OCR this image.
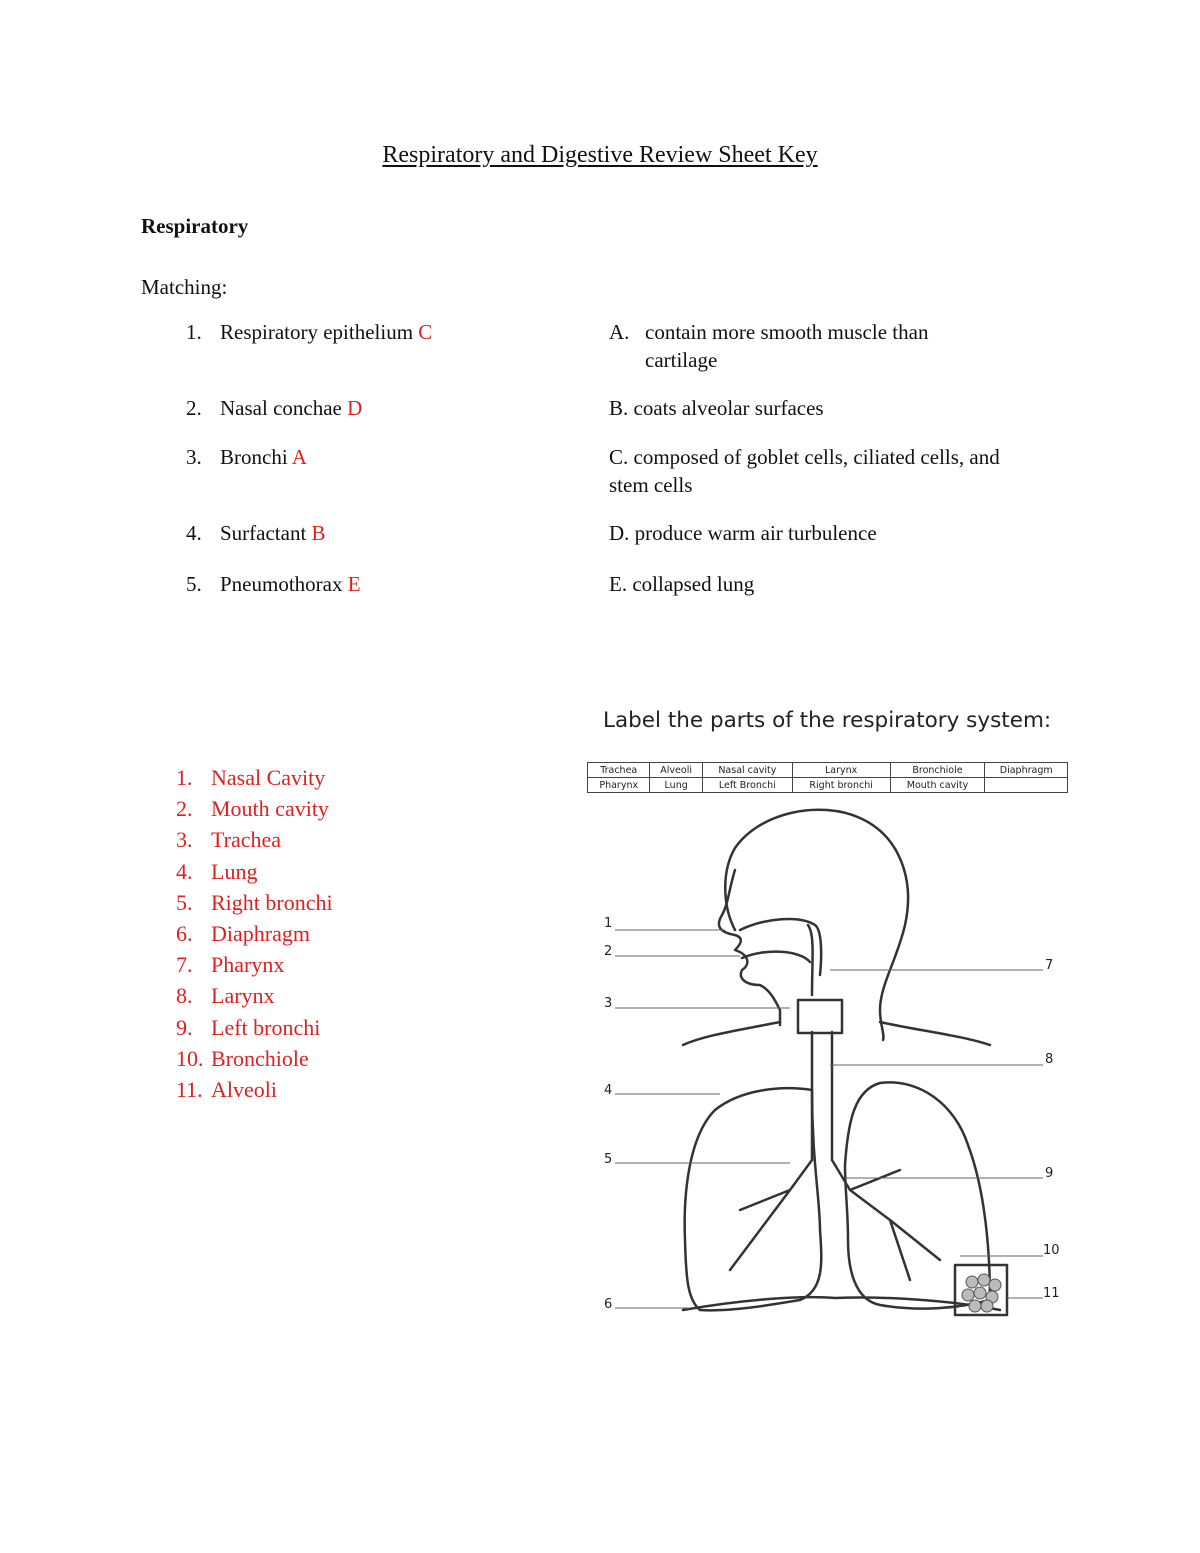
Respiratory and Digestive Review Sheet Key
Respiratory
Matching:
1. Respiratory epithelium C
2. Nasal conchae D
3. Bronchi A
4. Surfactant B
5. Pneumothorax E
A. contain more smooth muscle than
cartilage
B. coats alveolar surfaces
C. composed of goblet cells, ciliated cells, and
stem cells
D. produce warm air turbulence
E. collapsed lung
1. Nasal Cavity
2. Mouth cavity
3. Trachea
4. Lung
5. Right bronchi
6. Diaphragm
7. Pharynx
8. Larynx
9. Left bronchi
10. Bronchiole
11. Alveoli
Label the parts of the respiratory system:
Trachea	Alveoli	Nasal cavity	Larynx	Bronchiole	Diaphragm
Pharynx	Lung	Left Bronchi	Right bronchi	Mouth cavity	
1
2
3
4
5
6
7
8
9
10
11
